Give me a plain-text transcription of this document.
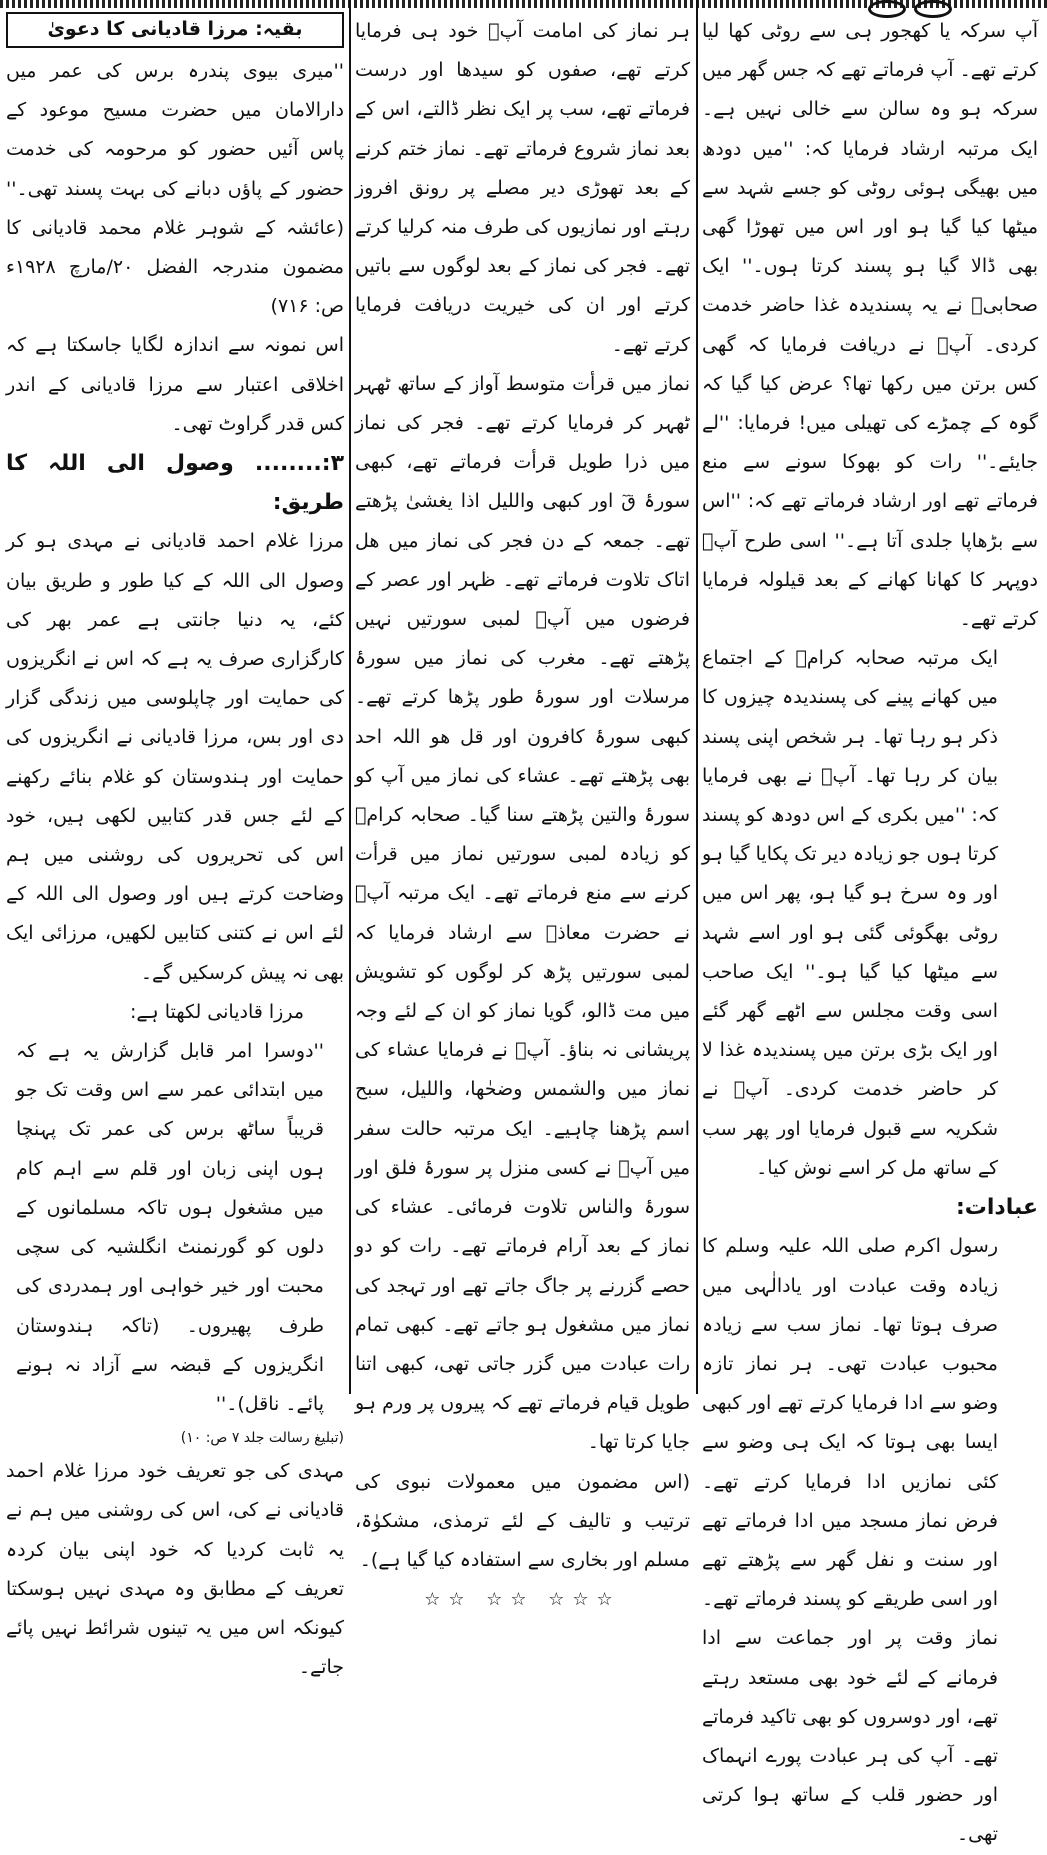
آپ سرکہ یا کھجور ہی سے روٹی کھا لیا کرتے تھے۔ آپ فرماتے تھے کہ جس گھر میں سرکہ ہو وہ سالن سے خالی نہیں ہے۔ ایک مرتبہ ارشاد فرمایا کہ: ''میں دودھ میں بھیگی ہوئی روٹی کو جسے شہد سے میٹھا کیا گیا ہو اور اس میں تھوڑا گھی بھی ڈالا گیا ہو پسند کرتا ہوں۔'' ایک صحابیؓ نے یہ پسندیدہ غذا حاضر خدمت کردی۔ آپؐ نے دریافت فرمایا کہ گھی کس برتن میں رکھا تھا؟ عرض کیا گیا کہ گوہ کے چمڑے کی تھیلی میں! فرمایا: ''لے جایئے۔'' رات کو بھوکا سونے سے منع فرماتے تھے اور ارشاد فرماتے تھے کہ: ''اس سے بڑھاپا جلدی آتا ہے۔'' اسی طرح آپؐ دوپہر کا کھانا کھانے کے بعد قیلولہ فرمایا کرتے تھے۔

ایک مرتبہ صحابہ کرامؓ کے اجتماع میں کھانے پینے کی پسندیدہ چیزوں کا ذکر ہو رہا تھا۔ ہر شخص اپنی پسند بیان کر رہا تھا۔ آپؐ نے بھی فرمایا کہ: ''میں بکری کے اس دودھ کو پسند کرتا ہوں جو زیادہ دیر تک پکایا گیا ہو اور وہ سرخ ہو گیا ہو، پھر اس میں روٹی بھگوئی گئی ہو اور اسے شہد سے میٹھا کیا گیا ہو۔'' ایک صاحب اسی وقت مجلس سے اٹھے گھر گئے اور ایک بڑی برتن میں پسندیدہ غذا لا کر حاضر خدمت کردی۔ آپؐ نے شکریہ سے قبول فرمایا اور پھر سب کے ساتھ مل کر اسے نوش کیا۔

عبادات:

رسول اکرم صلی اللہ علیہ وسلم کا زیادہ وقت عبادت اور یادالٰہی میں صرف ہوتا تھا۔ نماز سب سے زیادہ محبوب عبادت تھی۔ ہر نماز تازہ وضو سے ادا فرمایا کرتے تھے اور کبھی ایسا بھی ہوتا کہ ایک ہی وضو سے کئی نمازیں ادا فرمایا کرتے تھے۔ فرض نماز مسجد میں ادا فرماتے تھے اور سنت و نفل گھر سے پڑھتے تھے اور اسی طریقے کو پسند فرماتے تھے۔ نماز وقت پر اور جماعت سے ادا فرمانے کے لئے خود بھی مستعد رہتے تھے، اور دوسروں کو بھی تاکید فرماتے تھے۔ آپ کی ہر عبادت پورے انہماک اور حضور قلب کے ساتھ ہوا کرتی تھی۔

ہر نماز کی امامت آپؐ خود ہی فرمایا کرتے تھے، صفوں کو سیدھا اور درست فرماتے تھے، سب پر ایک نظر ڈالتے، اس کے بعد نماز شروع فرماتے تھے۔ نماز ختم کرنے کے بعد تھوڑی دیر مصلے پر رونق افروز رہتے اور نمازیوں کی طرف منہ کرلیا کرتے تھے۔ فجر کی نماز کے بعد لوگوں سے باتیں کرتے اور ان کی خیریت دریافت فرمایا کرتے تھے۔

نماز میں قرأت متوسط آواز کے ساتھ ٹھہر ٹھہر کر فرمایا کرتے تھے۔ فجر کی نماز میں ذرا طویل قرأت فرماتے تھے، کبھی سورۂ قٓ اور کبھی واللیل اذا یغشیٰ پڑھتے تھے۔ جمعہ کے دن فجر کی نماز میں ھل اتاک تلاوت فرماتے تھے۔ ظہر اور عصر کے فرضوں میں آپؐ لمبی سورتیں نہیں پڑھتے تھے۔ مغرب کی نماز میں سورۂ مرسلات اور سورۂ طور پڑھا کرتے تھے۔ کبھی سورۂ کافرون اور قل ھو اللہ احد بھی پڑھتے تھے۔ عشاء کی نماز میں آپ کو سورۂ والتین پڑھتے سنا گیا۔ صحابہ کرامؓ کو زیادہ لمبی سورتیں نماز میں قرأت کرنے سے منع فرماتے تھے۔ ایک مرتبہ آپؐ نے حضرت معاذؓ سے ارشاد فرمایا کہ لمبی سورتیں پڑھ کر لوگوں کو تشویش میں مت ڈالو، گویا نماز کو ان کے لئے وجہ پریشانی نہ بناؤ۔ آپؐ نے فرمایا عشاء کی نماز میں والشمس وضحٰھا، واللیل، سبح اسم پڑھنا چاہیے۔ ایک مرتبہ حالت سفر میں آپؐ نے کسی منزل پر سورۂ فلق اور سورۂ والناس تلاوت فرمائی۔ عشاء کی نماز کے بعد آرام فرماتے تھے۔ رات کو دو حصے گزرنے پر جاگ جاتے تھے اور تہجد کی نماز میں مشغول ہو جاتے تھے۔ کبھی تمام رات عبادت میں گزر جاتی تھی، کبھی اتنا طویل قیام فرماتے تھے کہ پیروں پر ورم ہو جایا کرتا تھا۔

(اس مضمون میں معمولات نبوی کی ترتیب و تالیف کے لئے ترمذی، مشکوٰۃ، مسلم اور بخاری سے استفادہ کیا گیا ہے)۔

☆☆☆ ☆☆ ☆☆

بقیہ: مرزا قادیانی کا دعویٰ

''میری بیوی پندرہ برس کی عمر میں دارالامان میں حضرت مسیح موعود کے پاس آئیں حضور کو مرحومہ کی خدمت حضور کے پاؤں دبانے کی بہت پسند تھی۔'' (عائشہ کے شوہر غلام محمد قادیانی کا مضمون مندرجہ الفضل ۲۰/مارچ ۱۹۲۸ء ص: ۷۱۶)

اس نمونہ سے اندازہ لگایا جاسکتا ہے کہ اخلاقی اعتبار سے مرزا قادیانی کے اندر کس قدر گراوٹ تھی۔

۳:........ وصول الی اللہ کا طریق:

مرزا غلام احمد قادیانی نے مہدی ہو کر وصول الی اللہ کے کیا طور و طریق بیان کئے، یہ دنیا جانتی ہے عمر بھر کی کارگزاری صرف یہ ہے کہ اس نے انگریزوں کی حمایت اور چاپلوسی میں زندگی گزار دی اور بس، مرزا قادیانی نے انگریزوں کی حمایت اور ہندوستان کو غلام بنائے رکھنے کے لئے جس قدر کتابیں لکھی ہیں، خود اس کی تحریروں کی روشنی میں ہم وضاحت کرتے ہیں اور وصول الی اللہ کے لئے اس نے کتنی کتابیں لکھیں، مرزائی ایک بھی نہ پیش کرسکیں گے۔

مرزا قادیانی لکھتا ہے:

''دوسرا امر قابل گزارش یہ ہے کہ میں ابتدائی عمر سے اس وقت تک جو قریباً ساٹھ برس کی عمر تک پہنچا ہوں اپنی زبان اور قلم سے اہم کام میں مشغول ہوں تاکہ مسلمانوں کے دلوں کو گورنمنٹ انگلشیہ کی سچی محبت اور خیر خواہی اور ہمدردی کی طرف پھیروں۔ (تاکہ ہندوستان انگریزوں کے قبضہ سے آزاد نہ ہونے پائے۔ ناقل)۔''

(تبلیغ رسالت جلد ۷ ص: ۱۰)

مہدی کی جو تعریف خود مرزا غلام احمد قادیانی نے کی، اس کی روشنی میں ہم نے یہ ثابت کردیا کہ خود اپنی بیان کردہ تعریف کے مطابق وہ مہدی نہیں ہوسکتا کیونکہ اس میں یہ تینوں شرائط نہیں پائے جاتے۔
